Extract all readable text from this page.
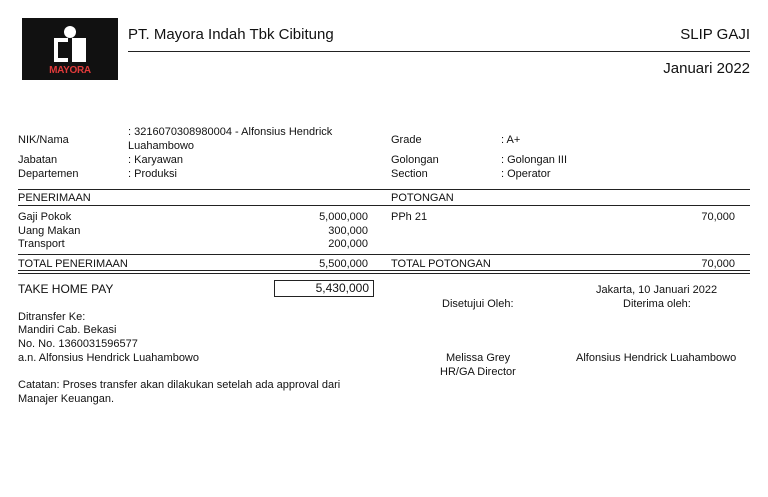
MAYORA
PT. Mayora Indah Tbk Cibitung	SLIP GAJI
Januari 2022
NIK/Nama
: 3216070308980004 - Alfonsius Hendrick
Luahambowo
Jabatan	: Karyawan
Departemen	: Produksi
Grade	: A+
Golongan	: Golongan III
Section	: Operator
PENERIMAAN	POTONGAN
Gaji Pokok	5,000,000
Uang Makan	300,000
Transport	200,000
PPh 21	70,000
TOTAL PENERIMAAN	5,500,000 TOTAL POTONGAN	70,000
TAKE HOME PAY	5,430,000
Ditransfer Ke:
Mandiri Cab. Bekasi
No. No. 1360031596577
a.n. Alfonsius Hendrick Luahambowo
Catatan: Proses transfer akan dilakukan setelah ada approval dari
Manajer Keuangan.
Jakarta, 10 Januari 2022
Disetujui Oleh:	Diterima oleh:
Melissa Grey
HR/GA Director
Alfonsius Hendrick Luahambowo
